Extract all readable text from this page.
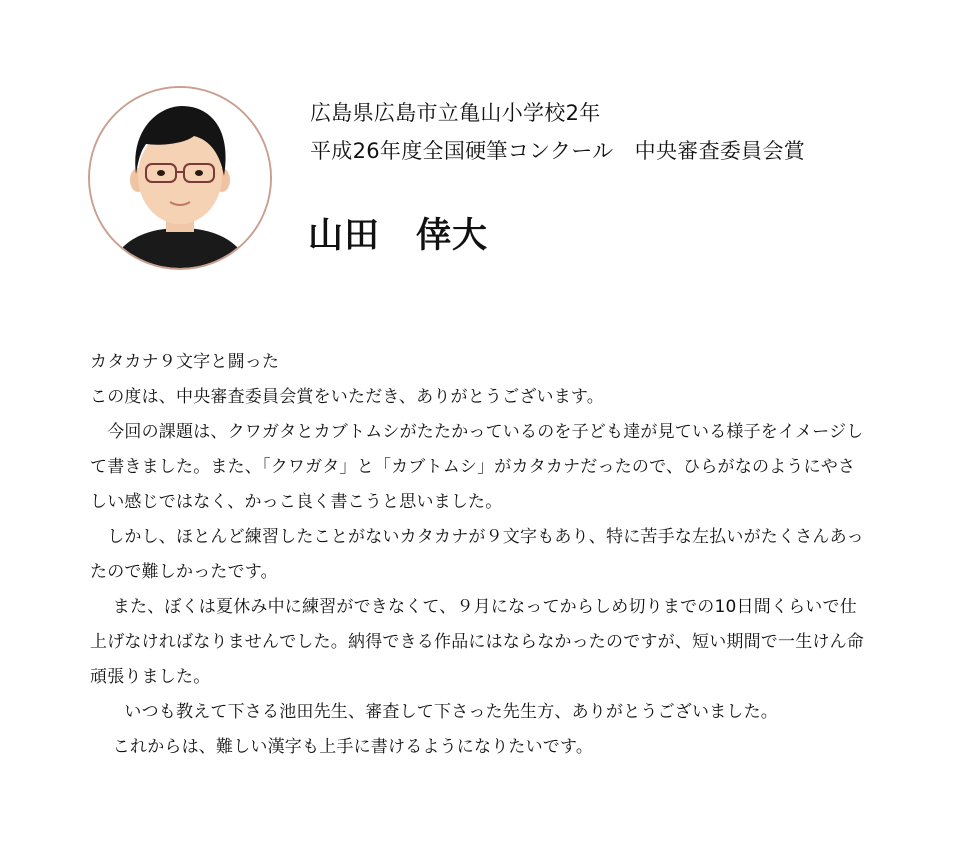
広島県広島市立亀山小学校2年
平成26年度全国硬筆コンクール　中央審査委員会賞
山田　倖大

カタカナ９文字と闘った

この度は、中央審査委員会賞をいただき、ありがとうございます。

　今回の課題は、クワガタとカブトムシがたたかっているのを子ども達が見ている様子をイメージして書きました。また、「クワガタ」と「カブトムシ」がカタカナだったので、ひらがなのようにやさしい感じではなく、かっこ良く書こうと思いました。

　しかし、ほとんど練習したことがないカタカナが９文字もあり、特に苦手な左払いがたくさんあったので難しかったです。

　 また、ぼくは夏休み中に練習ができなくて、９月になってからしめ切りまでの10日間くらいで仕上げなければなりませんでした。納得できる作品にはならなかったのですが、短い期間で一生けん命頑張りました。

　　いつも教えて下さる池田先生、審査して下さった先生方、ありがとうございました。

　 これからは、難しい漢字も上手に書けるようになりたいです。
